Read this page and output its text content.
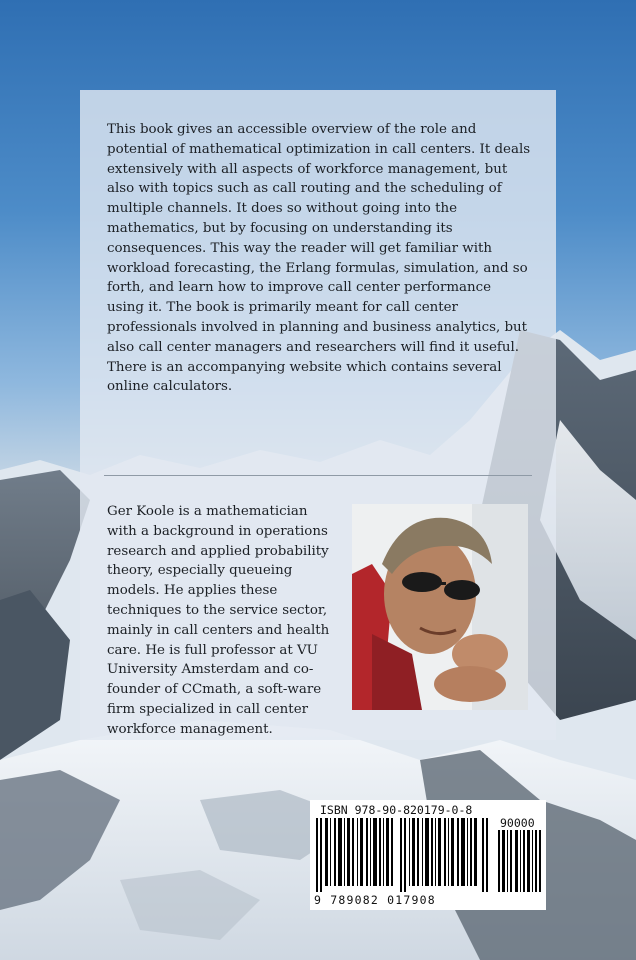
This book gives an accessible overview of the role and potential of mathematical optimization in call centers. It deals extensively with all aspects of workforce management, but also with topics such as call routing and the scheduling of multiple channels. It does so without going into the mathematics, but by focusing on understanding its consequences. This way the reader will get familiar with workload forecasting, the Erlang formulas, simulation, and so forth, and learn how to improve call center performance using it. The book is primarily meant for call center professionals involved in planning and business analytics, but also call center managers and researchers will find it useful. There is an accompanying website which contains several online calculators.

Ger Koole is a mathematician with a background in operations research and applied probability theory, especially queueing models. He applies these techniques to the service sector, mainly in call centers and health care. He is full professor at VU University Amsterdam and co-founder of CCmath, a soft-ware firm specialized in call center workforce management.

ISBN 978-90-820179-0-8
90000
9 789082 017908
